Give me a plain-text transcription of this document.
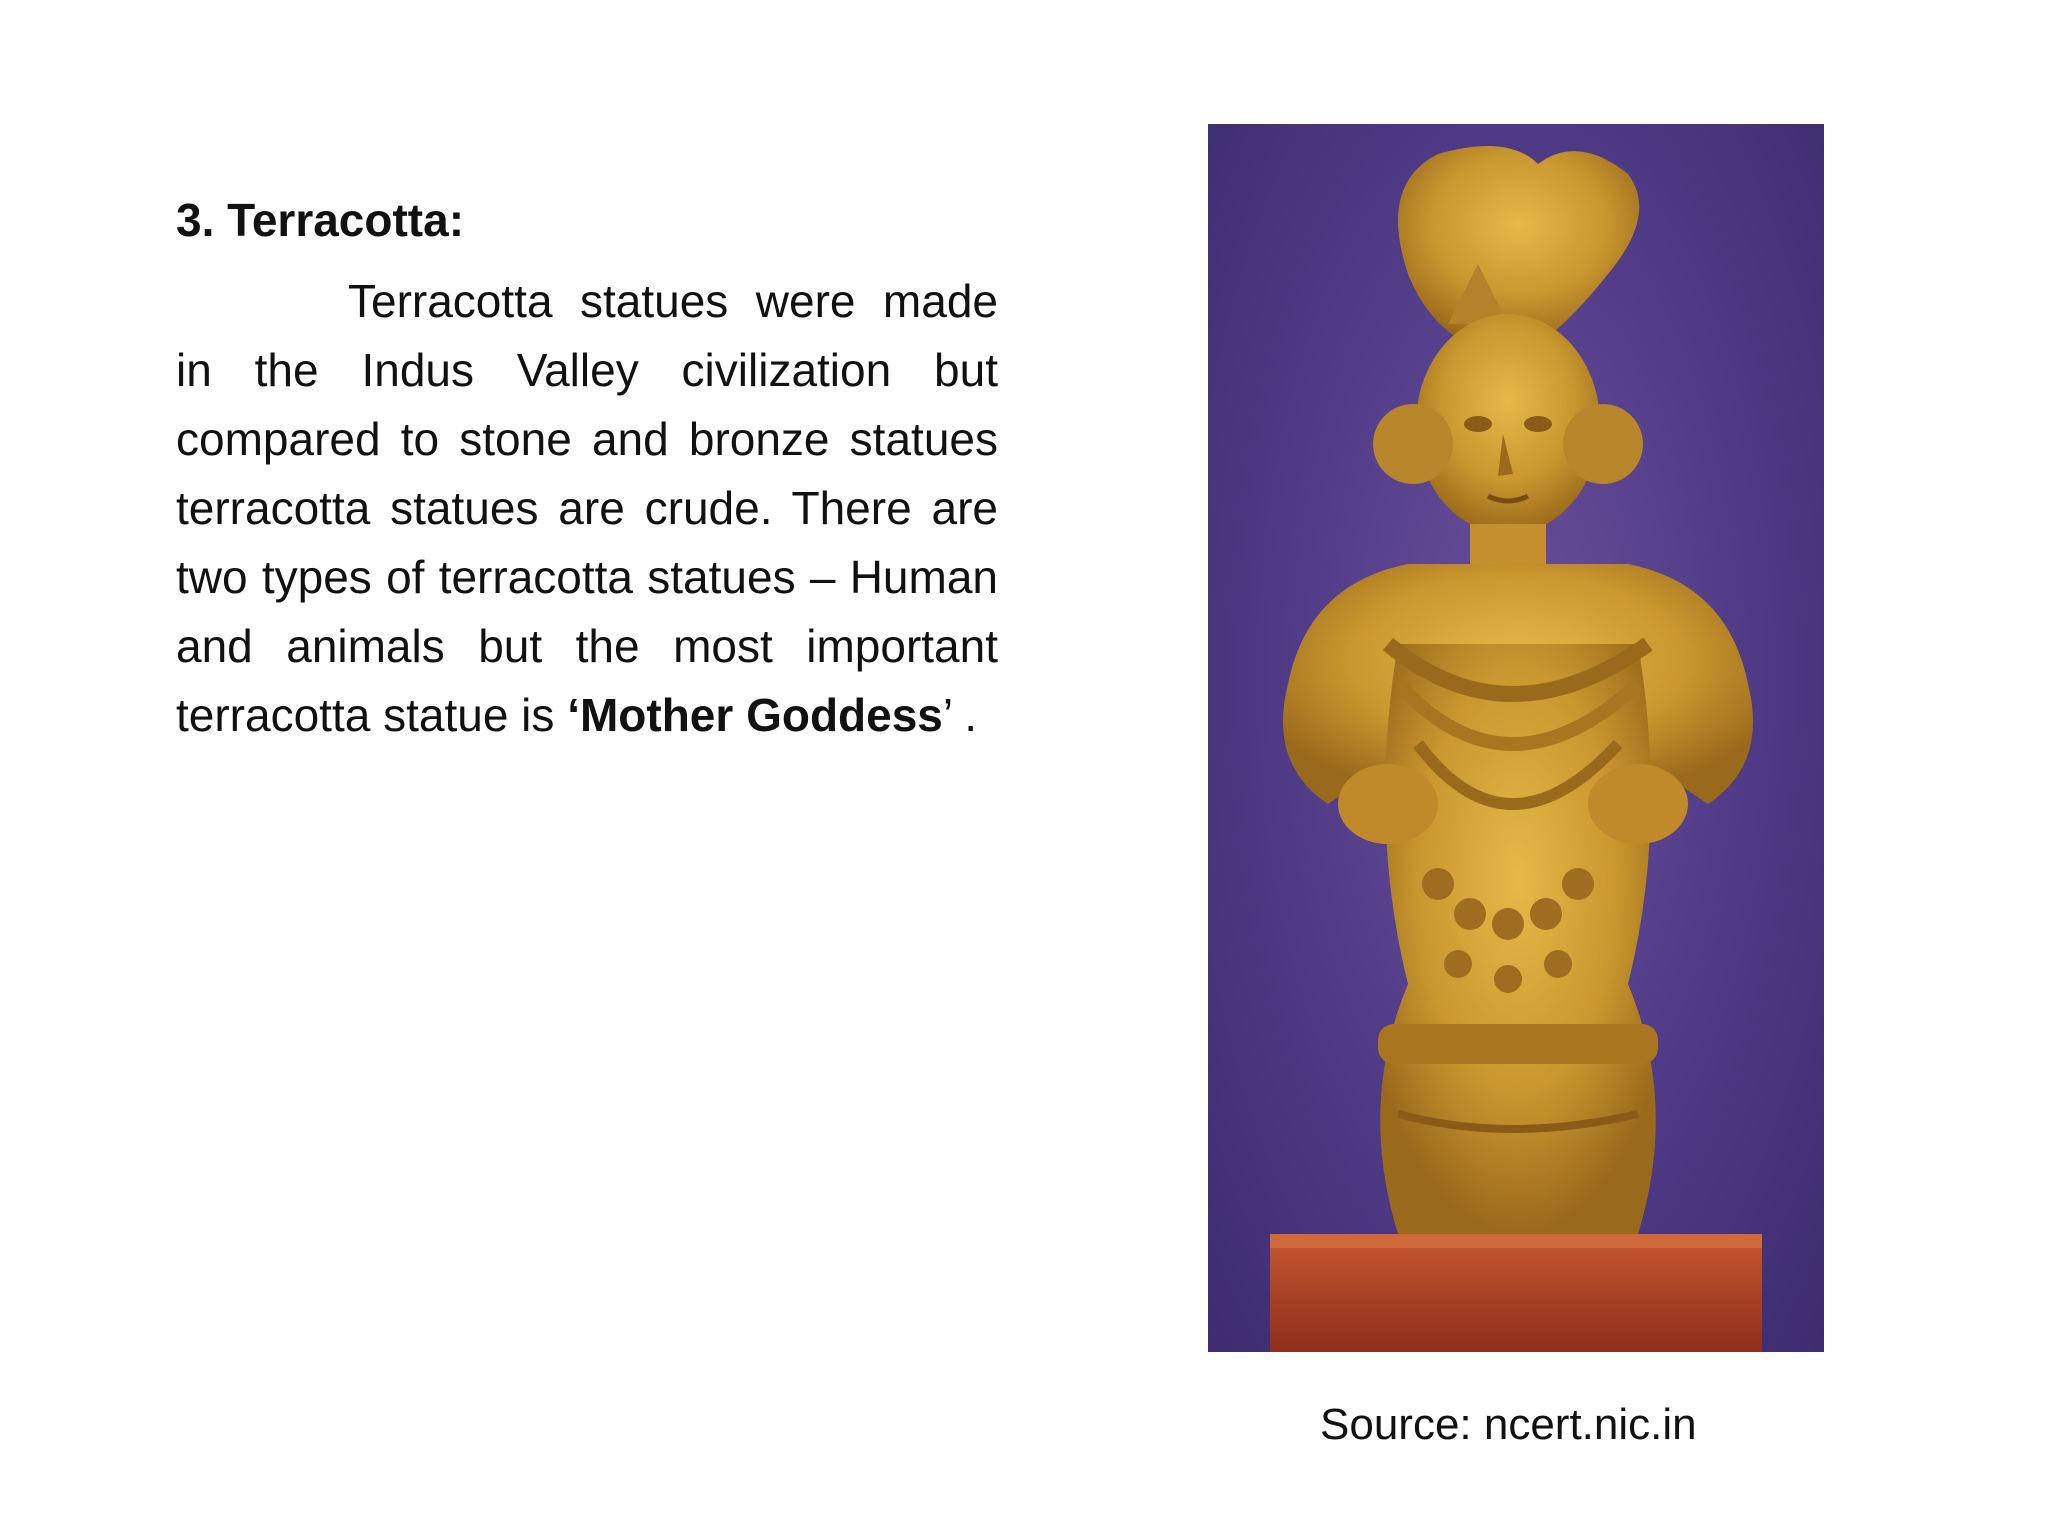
3. Terracotta:

Terracotta statues were made in the Indus Valley civilization but compared to stone and bronze statues terracotta statues are crude. There are two types of terracotta statues – Human and animals but the most important terracotta statue is ‘Mother Goddess’ .

Source: ncert.nic.in
